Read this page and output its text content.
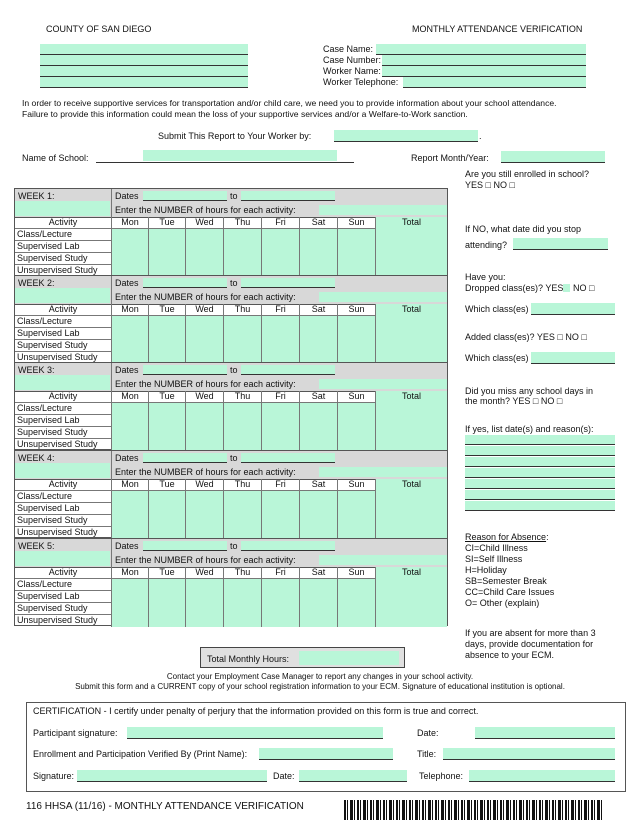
COUNTY OF SAN DIEGO	MONTHLY ATTENDANCE VERIFICATION
Case Name:
Case Number:
Worker Name:
Worker Telephone:
In order to receive supportive services for transportation and/or child care, we need you to provide information about your school attendance.
Failure to provide this information could mean the loss of your supportive services and/or a Welfare-to-Work sanction.
Submit This Report to Your Worker by:	.
Name of School:	Report Month/Year:
WEEK 1:	Dates	to
Enter the NUMBER of hours for each activity:
Activity	Mon	Tue	Wed	Thu	Fri	Sat	Sun	Total
Class/Lecture
Supervised Lab
Supervised Study
Unsupervised Study
WEEK 2:	Dates	to
Enter the NUMBER of hours for each activity:
Activity	Mon	Tue	Wed	Thu	Fri	Sat	Sun	Total
Class/Lecture
Supervised Lab
Supervised Study
Unsupervised Study
WEEK 3:	Dates	to
Enter the NUMBER of hours for each activity:
Activity	Mon	Tue	Wed	Thu	Fri	Sat	Sun	Total
Class/Lecture
Supervised Lab
Supervised Study
Unsupervised Study
WEEK 4:	Dates	to
Enter the NUMBER of hours for each activity:
Activity	Mon	Tue	Wed	Thu	Fri	Sat	Sun	Total
Class/Lecture
Supervised Lab
Supervised Study
Unsupervised Study
WEEK 5:	Dates	to
Enter the NUMBER of hours for each activity:
Activity	Mon	Tue	Wed	Thu	Fri	Sat	Sun	Total
Class/Lecture
Supervised Lab
Supervised Study
Unsupervised Study
Total Monthly Hours:
Are you still enrolled in school?
YES □ NO □
If NO, what date did you stop
attending?
Have you:
Dropped class(es)? YES NO □
Which class(es)
Added class(es)? YES □ NO □
Which class(es)
Did you miss any school days in
the month? YES □ NO □
If yes, list date(s) and reason(s):
Reason for Absence:
CI=Child Illness
SI=Self Illness
H=Holiday
SB=Semester Break
CC=Child Care Issues
O= Other (explain)
If you are absent for more than 3
days, provide documentation for
absence to your ECM.
Contact your Employment Case Manager to report any changes in your school activity.
Submit this form and a CURRENT copy of your school registration information to your ECM. Signature of educational institution is optional.
CERTIFICATION - I certify under penalty of perjury that the information provided on this form is true and correct.
Participant signature:	Date:
Enrollment and Participation Verified By (Print Name):	Title:
Signature:	Date:	Telephone:
116 HHSA (11/16) - MONTHLY ATTENDANCE VERIFICATION
